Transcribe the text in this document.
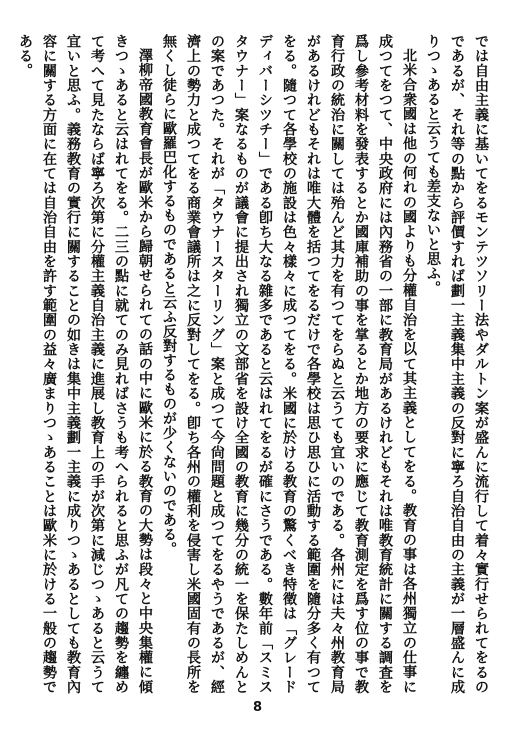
では自由主義に基いてをるモンテツソリー法やダルトン案が盛んに流行して着々實行せられてをるのであるが、それ等の點から評價すれば劃一主義集中主義の反對に寧ろ自治自由の主義が一層盛んに成りつゝあると云うても差支ないと思ふ。

北米合衆國は他の何れの國よりも分權自治を以て其主義としてをる。教育の事は各州獨立の仕事に成つてをつて、中央政府には內務省の一部に教育局があるけれどもそれは唯教育統計に關する調査を爲し參考材料を發表するとか國庫補助の事を掌るとか地方の要求に應じて教育測定を爲す位の事で教育行政の統治に關しては殆んど其力を有つてをらぬと云うても宜いのである。各州には夫々州教育局があるけれどもそれは唯大體を括つてをるだけで各學校は思ひ思ひに活動する範圍を隨分多く有つてをる。隨つて各學校の施設は色々樣々に成つてをる。米國に於ける教育の驚くべき特徵は「グレードディバーシツチー」である卽ち大なる雜多であると云はれてをるが確にさうである。數年前「スミスタウナー」案なるものが議會に提出され獨立の文部省を設け全國の教育に幾分の統一を保たしめんとの案であつた。それが「タウナースターリング」案と成つて今尙問題と成つてをるやうであるが、經濟上の勢力と成つてをる商業會議所は之に反對してをる。卽ち各州の權利を侵害し米國固有の長所を無くし徒らに歐羅巴化するものであると云ふ反對するものが少くないのである。

澤柳帝國教育會長が歐米から歸朝せられての話の中に歐米に於る教育の大勢は段々と中央集權に傾きつゝあると云はれてをる。二三の點に就てのみ見ればさうも考へられると思ふが凡ての趨勢を纏めて考へて見たならば寧ろ次第に分權主義自治主義に進展し教育上の手が次第に減じつゝあると云うて宜いと思ふ。義務教育の實行に關することの如きは集中主義劃一主義に成りつゝあるとしても教育內容に關する方面に在ては自治自由を許す範圍の益々廣まりつゝあることは歐米に於ける一般の趨勢である。

8
